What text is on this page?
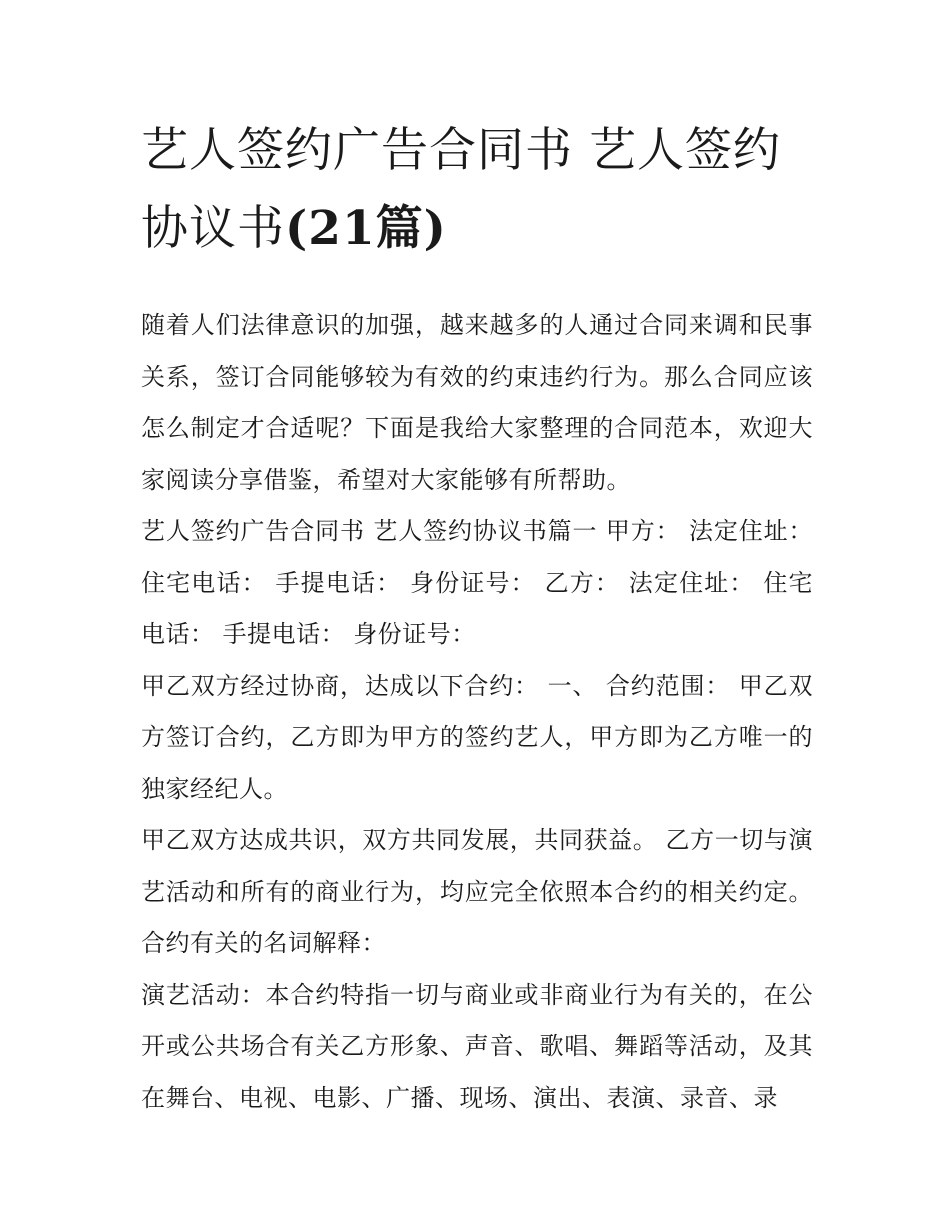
艺人签约广告合同书 艺人签约协议书(21篇)

随着人们法律意识的加强，越来越多的人通过合同来调和民事关系，签订合同能够较为有效的约束违约行为。那么合同应该怎么制定才合适呢？下面是我给大家整理的合同范本，欢迎大家阅读分享借鉴，希望对大家能够有所帮助。

艺人签约广告合同书 艺人签约协议书篇一 甲方： 法定住址： 住宅电话： 手提电话： 身份证号： 乙方： 法定住址： 住宅电话： 手提电话： 身份证号：

甲乙双方经过协商，达成以下合约： 一、 合约范围： 甲乙双方签订合约，乙方即为甲方的签约艺人，甲方即为乙方唯一的独家经纪人。

甲乙双方达成共识，双方共同发展，共同获益。 乙方一切与演艺活动和所有的商业行为，均应完全依照本合约的相关约定。 合约有关的名词解释：

演艺活动：本合约特指一切与商业或非商业行为有关的，在公开或公共场合有关乙方形象、声音、歌唱、舞蹈等活动，及其在舞台、电视、电影、广播、现场、演出、表演、录音、录
